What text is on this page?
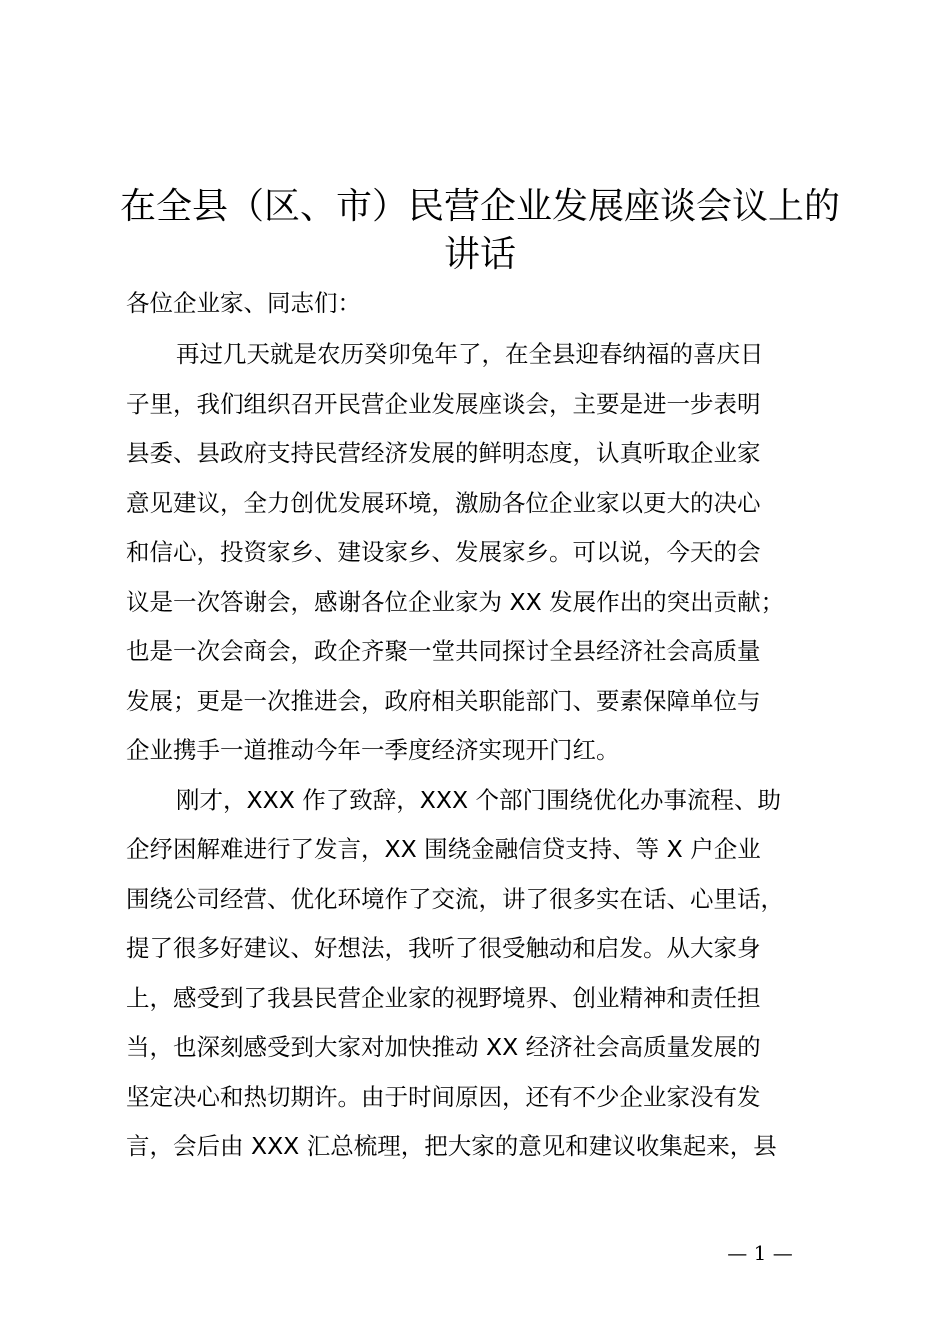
在全县（区、市）民营企业发展座谈会议上的
讲话
各位企业家、同志们：
再过几天就是农历癸卯兔年了，在全县迎春纳福的喜庆日
子里，我们组织召开民营企业发展座谈会，主要是进一步表明
县委、县政府支持民营经济发展的鲜明态度，认真听取企业家
意见建议，全力创优发展环境，激励各位企业家以更大的决心
和信心，投资家乡、建设家乡、发展家乡。可以说，今天的会
议是一次答谢会，感谢各位企业家为 XX 发展作出的突出贡献；
也是一次会商会，政企齐聚一堂共同探讨全县经济社会高质量
发展；更是一次推进会，政府相关职能部门、要素保障单位与
企业携手一道推动今年一季度经济实现开门红。
刚才，XXX 作了致辞，XXX 个部门围绕优化办事流程、助
企纾困解难进行了发言，XX 围绕金融信贷支持、等 X 户企业
围绕公司经营、优化环境作了交流，讲了很多实在话、心里话，
提了很多好建议、好想法，我听了很受触动和启发。从大家身
上，感受到了我县民营企业家的视野境界、创业精神和责任担
当，也深刻感受到大家对加快推动 XX 经济社会高质量发展的
坚定决心和热切期许。由于时间原因，还有不少企业家没有发
言，会后由 XXX 汇总梳理，把大家的意见和建议收集起来，县
— 1 —
